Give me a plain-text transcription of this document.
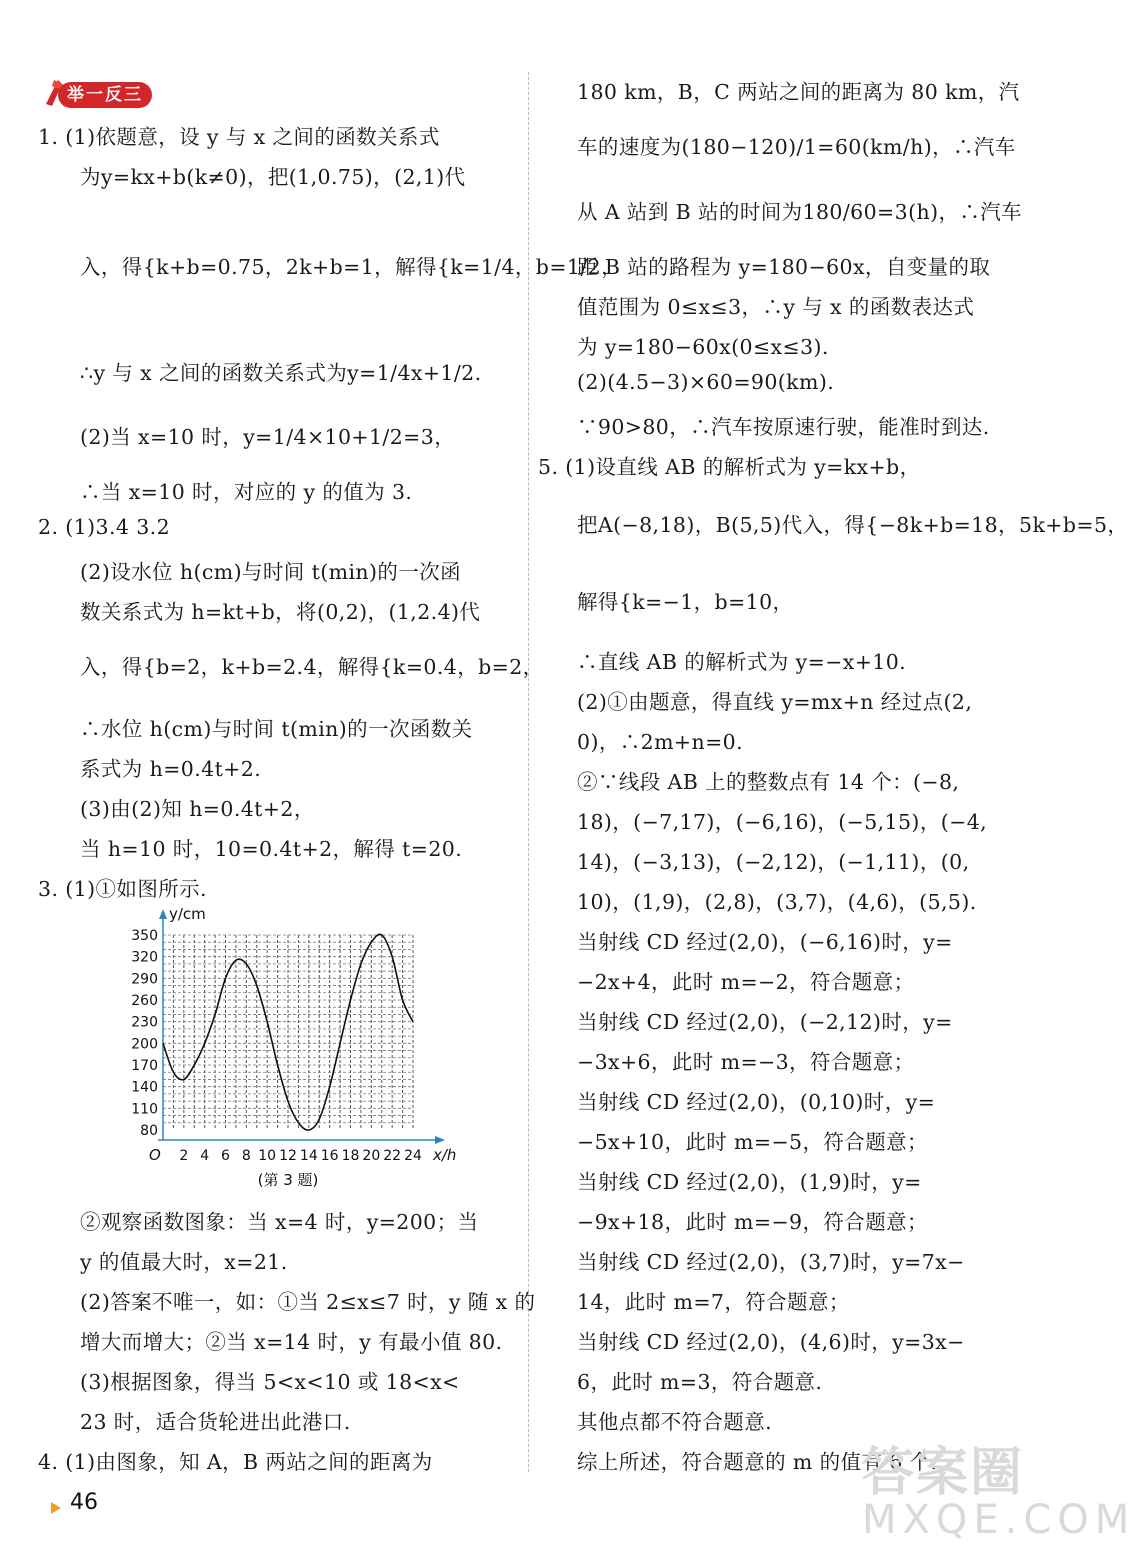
举一反三
1. (1)依题意，设 y 与 x 之间的函数关系式
为y=kx+b(k≠0)，把(1,0.75)，(2,1)代
入，得{k+b=0.75，2k+b=1，解得{k=1/4，b=1/2，
∴y 与 x 之间的函数关系式为y=1/4x+1/2.
(2)当 x=10 时，y=1/4×10+1/2=3，
∴当 x=10 时，对应的 y 的值为 3.
2. (1)3.4 3.2
(2)设水位 h(cm)与时间 t(min)的一次函
数关系式为 h=kt+b，将(0,2)，(1,2.4)代
入，得{b=2，k+b=2.4，解得{k=0.4，b=2，
∴水位 h(cm)与时间 t(min)的一次函数关
系式为 h=0.4t+2.
(3)由(2)知 h=0.4t+2，
当 h=10 时，10=0.4t+2，解得 t=20.
3. (1)①如图所示.
②观察函数图象：当 x=4 时，y=200；当
y 的值最大时，x=21.
(2)答案不唯一，如：①当 2≤x≤7 时，y 随 x 的
增大而增大；②当 x=14 时，y 有最小值 80.
(3)根据图象，得当 5<x<10 或 18<x<
23 时，适合货轮进出此港口.
4. (1)由图象，知 A，B 两站之间的距离为
y/cm
x/h
O
80
110
140
170
200
230
260
290
320
350
2 4 6 8 10 12 14 16 18 20 22 24
(第 3 题)
180 km，B，C 两站之间的距离为 80 km，汽
车的速度为(180−120)/1=60(km/h)，∴汽车
从 A 站到 B 站的时间为180/60=3(h)，∴汽车
距 B 站的路程为 y=180−60x，自变量的取
值范围为 0≤x≤3，∴y 与 x 的函数表达式
为 y=180−60x(0≤x≤3).
(2)(4.5−3)×60=90(km).
∵90>80，∴汽车按原速行驶，能准时到达.
5. (1)设直线 AB 的解析式为 y=kx+b，
把A(−8,18)，B(5,5)代入，得{−8k+b=18，5k+b=5，
解得{k=−1，b=10，
∴直线 AB 的解析式为 y=−x+10.
(2)①由题意，得直线 y=mx+n 经过点(2,
0)，∴2m+n=0.
②∵线段 AB 上的整数点有 14 个：(−8,
18)，(−7,17)，(−6,16)，(−5,15)，(−4,
14)，(−3,13)，(−2,12)，(−1,11)，(0,
10)，(1,9)，(2,8)，(3,7)，(4,6)，(5,5).
当射线 CD 经过(2,0)，(−6,16)时，y=
−2x+4，此时 m=−2，符合题意；
当射线 CD 经过(2,0)，(−2,12)时，y=
−3x+6，此时 m=−3，符合题意；
当射线 CD 经过(2,0)，(0,10)时，y=
−5x+10，此时 m=−5，符合题意；
当射线 CD 经过(2,0)，(1,9)时，y=
−9x+18，此时 m=−9，符合题意；
当射线 CD 经过(2,0)，(3,7)时，y=7x−
14，此时 m=7，符合题意；
当射线 CD 经过(2,0)，(4,6)时，y=3x−
6，此时 m=3，符合题意.
其他点都不符合题意.
综上所述，符合题意的 m 的值有 6 个.
46	答案圈
MXQE.COM
